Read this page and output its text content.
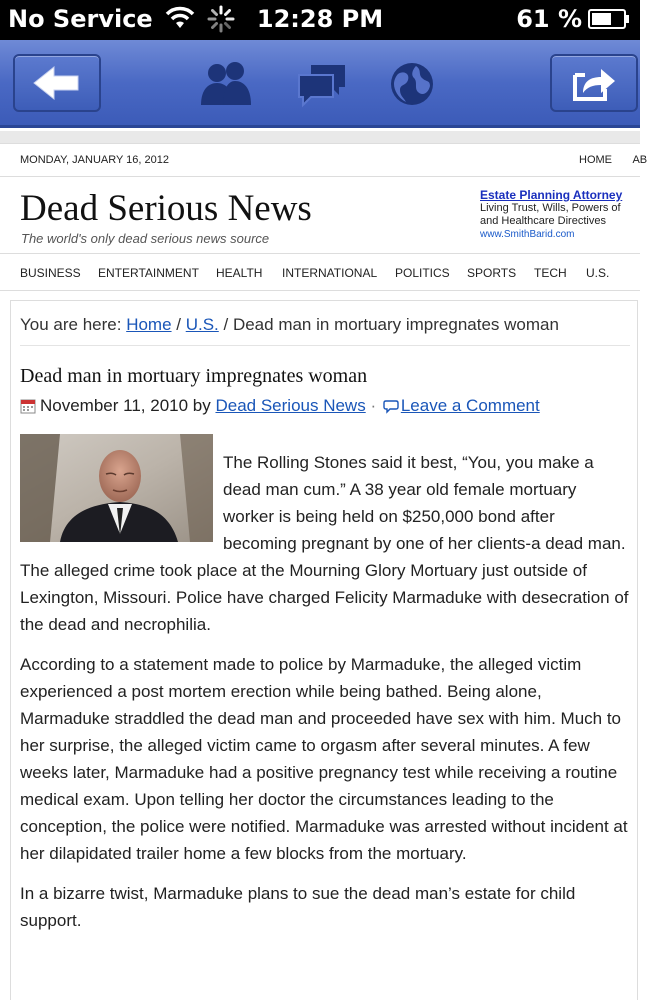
No Service	12:28 PM	61 %
MONDAY, JANUARY 16, 2012	HOME AB
Dead Serious News
The world's only dead serious news source
Estate Planning Attorney
Living Trust, Wills, Powers of
and Healthcare Directives
www.SmithBarid.com
BUSINESS ENTERTAINMENT HEALTH INTERNATIONAL POLITICS SPORTS TECH U.S.
You are here: Home / U.S. / Dead man in mortuary impregnates woman
Dead man in mortuary impregnates woman
November 11, 2010 by Dead Serious News · Leave a Comment

The Rolling Stones said it best, “You, you make a dead man cum.” A 38 year old female mortuary worker is being held on $250,000 bond after becoming pregnant by one of her clients-a dead man. The alleged crime took place at the Mourning Glory Mortuary just outside of Lexington, Missouri. Police have charged Felicity Marmaduke with desecration of the dead and necrophilia.

According to a statement made to police by Marmaduke, the alleged victim experienced a post mortem erection while being bathed. Being alone, Marmaduke straddled the dead man and proceeded have sex with him. Much to her surprise, the alleged victim came to orgasm after several minutes. A few weeks later, Marmaduke had a positive pregnancy test while receiving a routine medical exam. Upon telling her doctor the circumstances leading to the conception, the police were notified. Marmaduke was arrested without incident at her dilapidated trailer home a few blocks from the mortuary.

In a bizarre twist, Marmaduke plans to sue the dead man’s estate for child support.
